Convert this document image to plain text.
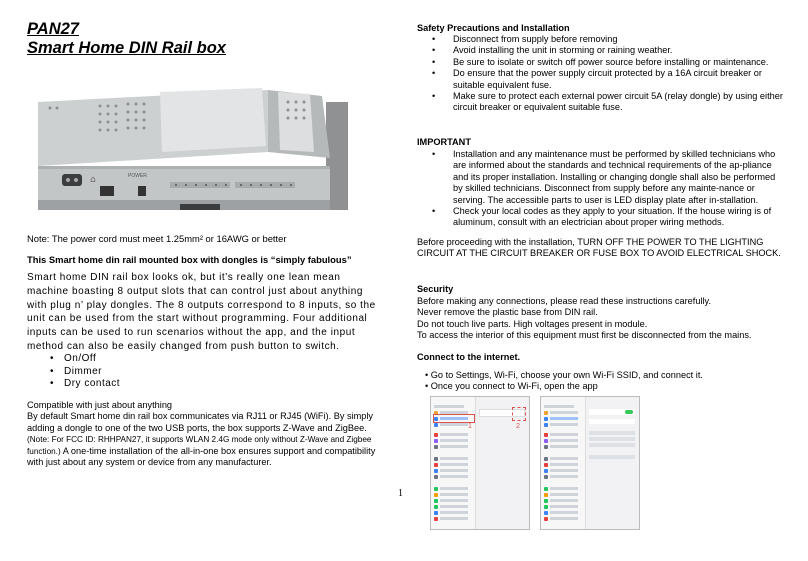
PAN27
Smart Home DIN Rail box
⌂	POWER
Note: The power cord must meet 1.25mm² or 16AWG or better
This Smart home din rail mounted box with dongles is “simply fabulous”
Smart home DIN rail box looks ok, but it’s really one lean mean machine boasting 8 output slots that can control just about anything with plug n’ play dongles. The 8 outputs correspond to 8 inputs, so the unit can be used from the start without programming. Four additional inputs can be used to run scenarios without the app, and the input method can also be easily changed from push button to switch.
• On/Off
• Dimmer
• Dry contact
Compatible with just about anything
By default Smart home din rail box communicates via RJ11 or RJ45 (WiFi). By simply adding a dongle to one of the two USB ports, the box supports Z-Wave and ZigBee. (Note: For FCC ID: RHHPAN27, it supports WLAN 2.4G mode only without Z-Wave and Zigbee function.) A one-time installation of the all-in-one box ensures support and compatibility with just about any system or device from any manufacturer.
1
Safety Precautions and Installation
• Disconnect from supply before removing
• Avoid installing the unit in storming or raining weather.
• Be sure to isolate or switch off power source before installing or maintenance.
• Do ensure that the power supply circuit protected by a 16A circuit breaker or suitable equivalent fuse.
• Make sure to protect each external power circuit 5A (relay dongle) by using either circuit breaker or equivalent suitable fuse.
IMPORTANT
• Installation and any maintenance must be performed by skilled technicians who are informed about the standards and technical requirements of the ap-pliance and its proper installation. Installing or changing dongle shall also be performed by skilled technicians. Disconnect from supply before any mainte-nance or serving. The accessible parts to user is LED display plate after in-stallation.
• Check your local codes as they apply to your situation. If the house wiring is of aluminum, consult with an electrician about proper wiring methods.
Before proceeding with the installation, TURN OFF THE POWER TO THE LIGHTING CIRCUIT AT THE CIRCUIT BREAKER OR FUSE BOX TO AVOID ELECTRICAL SHOCK.
Security
Before making any connections, please read these instructions carefully.
Never remove the plastic base from DIN rail.
Do not touch live parts. High voltages present in module.
To access the interior of this equipment must first be disconnected from the mains.
Connect to the internet.
• Go to Settings, Wi-Fi, choose your own Wi-Fi SSID, and connect it.
• Once you connect to Wi-Fi, open the app
1	2
